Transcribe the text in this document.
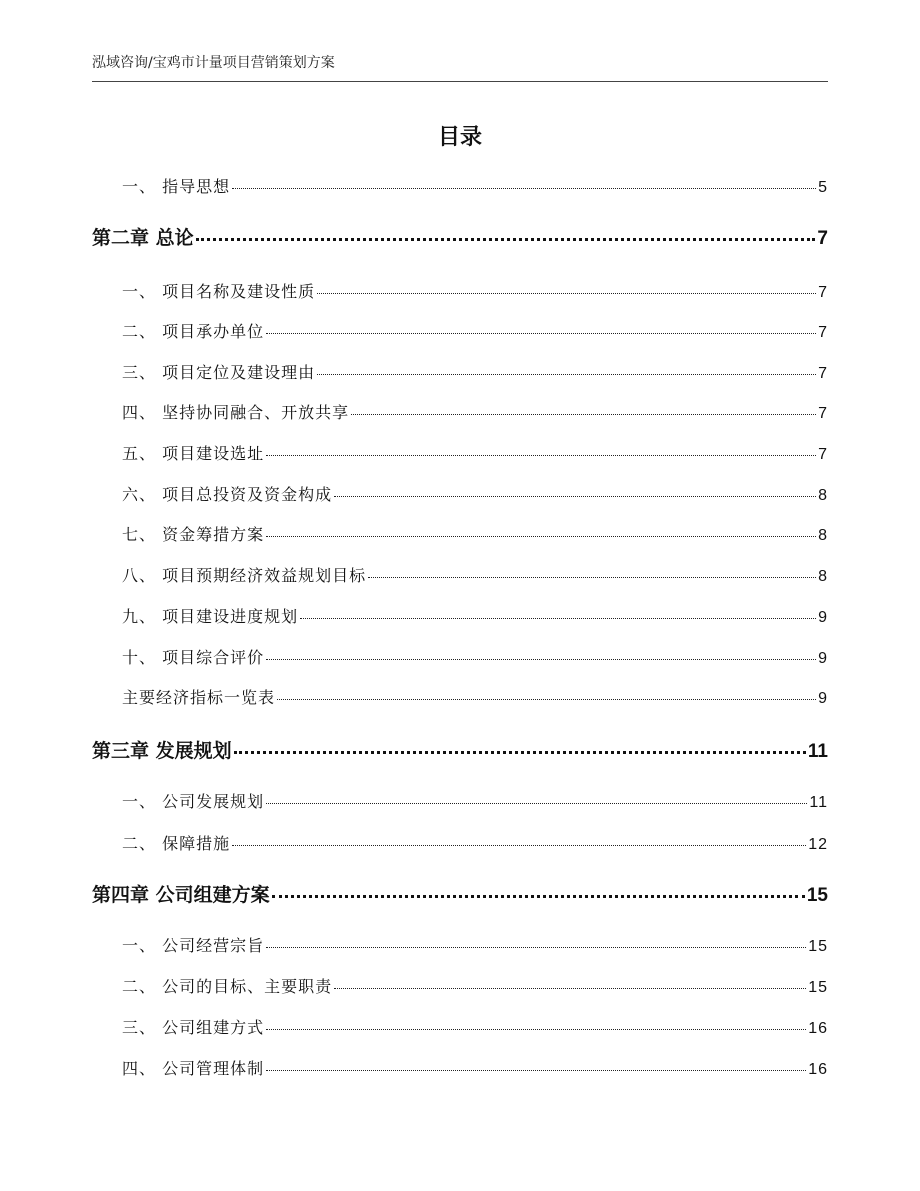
泓域咨询/宝鸡市计量项目营销策划方案
目录
一、 指导思想	5
第二章 总论	7
一、 项目名称及建设性质	7
二、 项目承办单位	7
三、 项目定位及建设理由	7
四、 坚持协同融合、开放共享	7
五、 项目建设选址	7
六、 项目总投资及资金构成	8
七、 资金筹措方案	8
八、 项目预期经济效益规划目标	8
九、 项目建设进度规划	9
十、 项目综合评价	9
主要经济指标一览表	9
第三章 发展规划	11
一、 公司发展规划	11
二、 保障措施	12
第四章 公司组建方案	15
一、 公司经营宗旨	15
二、 公司的目标、主要职责	15
三、 公司组建方式	16
四、 公司管理体制	16
